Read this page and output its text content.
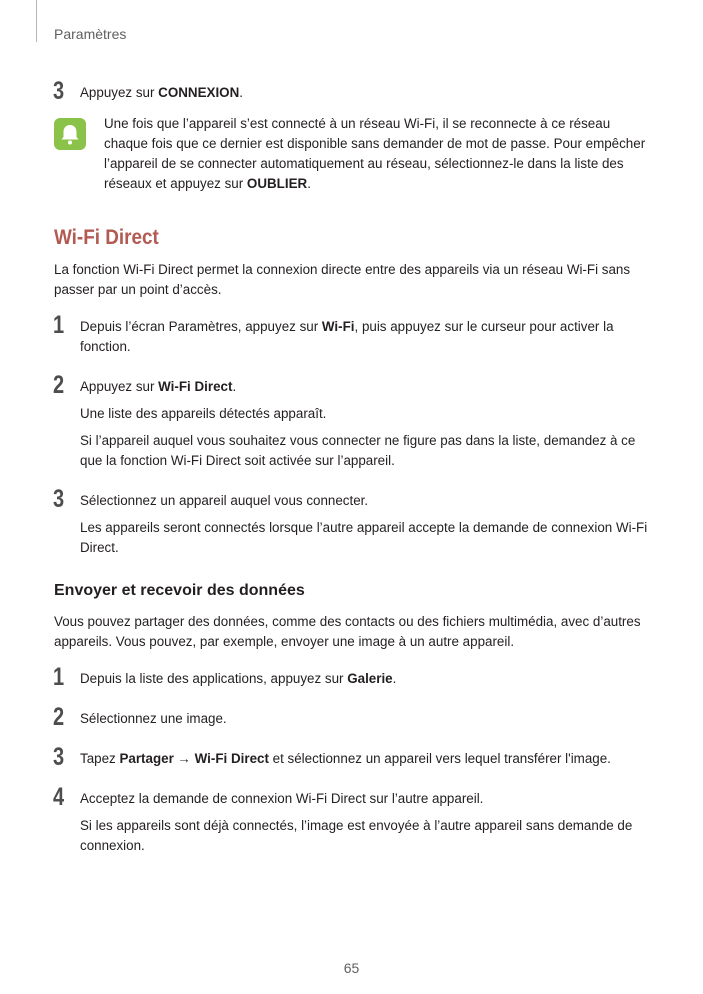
Paramètres
3 Appuyez sur CONNEXION.
Une fois que l’appareil s’est connecté à un réseau Wi-Fi, il se reconnecte à ce réseau chaque fois que ce dernier est disponible sans demander de mot de passe. Pour empêcher l’appareil de se connecter automatiquement au réseau, sélectionnez-le dans la liste des réseaux et appuyez sur OUBLIER.
Wi-Fi Direct
La fonction Wi-Fi Direct permet la connexion directe entre des appareils via un réseau Wi-Fi sans passer par un point d’accès.
1 Depuis l’écran Paramètres, appuyez sur Wi-Fi, puis appuyez sur le curseur pour activer la fonction.
2 Appuyez sur Wi-Fi Direct.
Une liste des appareils détectés apparaît.
Si l’appareil auquel vous souhaitez vous connecter ne figure pas dans la liste, demandez à ce que la fonction Wi-Fi Direct soit activée sur l’appareil.
3 Sélectionnez un appareil auquel vous connecter.
Les appareils seront connectés lorsque l’autre appareil accepte la demande de connexion Wi-Fi Direct.
Envoyer et recevoir des données
Vous pouvez partager des données, comme des contacts ou des fichiers multimédia, avec d’autres appareils. Vous pouvez, par exemple, envoyer une image à un autre appareil.
1 Depuis la liste des applications, appuyez sur Galerie.
2 Sélectionnez une image.
3 Tapez Partager → Wi-Fi Direct et sélectionnez un appareil vers lequel transférer l'image.
4 Acceptez la demande de connexion Wi-Fi Direct sur l’autre appareil.
Si les appareils sont déjà connectés, l’image est envoyée à l’autre appareil sans demande de connexion.
65
